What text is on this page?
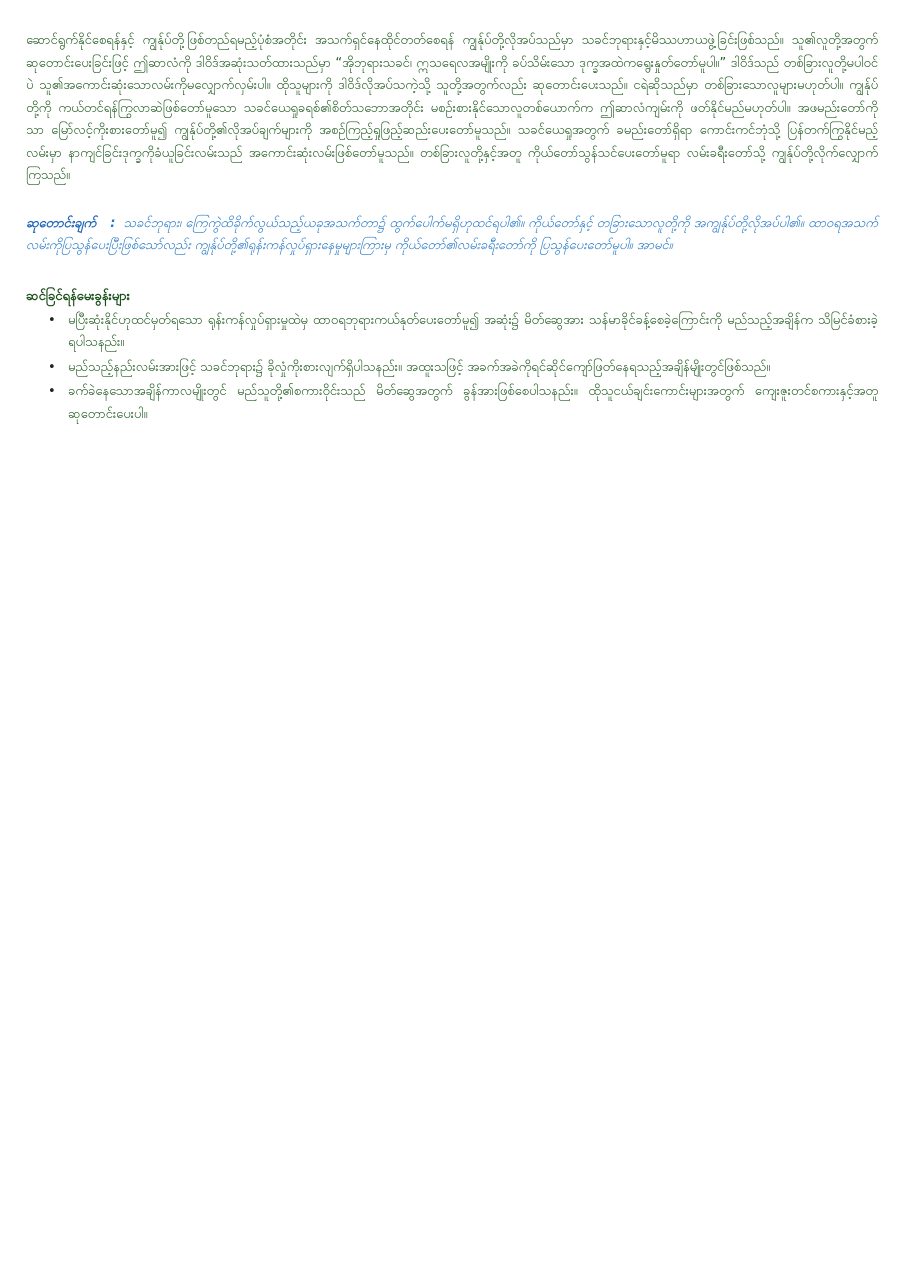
ဆောင်ရွက်နိုင်စေရန်နှင့် ကျွန်ုပ်တို့ဖြစ်တည်ရမည့်ပုံစံအတိုင်း အသက်ရှင်နေထိုင်တတ်စေရန် ကျွန်ုပ်တို့လိုအပ်သည်မှာ သခင်ဘုရားနှင့်မိဿဟာယဖွဲ့ခြင်းဖြစ်သည်။ သူ၏လူတို့အတွက် ဆုတောင်းပေးခြင်းဖြင့် ဤဆာလံကို ဒါဝိဒ်အဆုံးသတ်ထားသည်မှာ “အိုဘုရားသခင်၊ ဣသရေလအမျိုးကို ခပ်သိမ်းသော ဒုက္ခအထဲကရွေးနှုတ်တော်မူပါ။” ဒါဝိဒ်သည် တစ်ခြားလူတို့မပါဝင်ပဲ သူ၏အကောင်းဆုံးသောလမ်းကိုမလျှောက်လှမ်းပါ။ ထိုသူများကို ဒါဝိဒ်လိုအပ်သကဲ့သို့ သူတို့အတွက်လည်း ဆုတောင်းပေးသည်။ ငရဲဆိုသည်မှာ တစ်ခြားသောလူများမဟုတ်ပါ။ ကျွန်ုပ်တို့ကို ကယ်တင်ရန်ကြွလာဆဲဖြစ်တော်မူသော သခင်ယေရှုခရစ်၏စိတ်သဘောအတိုင်း မစဉ်းစားနိုင်သောလူတစ်ယောက်က ဤဆာလံကျမ်းကို ဖတ်နိုင်မည်မဟုတ်ပါ။ အဖမည်းတော်ကိုသာ မြော်လင့်ကိုးစားတော်မူ၍ ကျွန်ုပ်တို့၏လိုအပ်ချက်များကို အစဉ်ကြည့်ရှုဖြည့်ဆည်းပေးတော်မူသည်။ သခင်ယေရှုအတွက် ခမည်းတော်ရှိရာ ကောင်းကင်ဘုံသို့ ပြန်တက်ကြွနိုင်မည့်လမ်းမှာ နာကျင်ခြင်းဒုက္ခကိုခံယူခြင်းလမ်းသည် အကောင်းဆုံးလမ်းဖြစ်တော်မူသည်။ တစ်ခြားလူတို့နှင့်အတူ ကိုယ်တော်သွန်သင်ပေးတော်မူရာ လမ်းခရီးတော်သို့ ကျွန်ုပ်တို့လိုက်လျှောက်ကြသည်။

ဆုတောင်းချက် : သခင်ဘုရား၊ ကြေကွဲထိခိုက်လွယ်သည့်ယခုအသက်တာ၌ ထွက်ပေါက်မရှိဟုထင်ရပါ၏။ ကိုယ်တော်နှင့် တခြားသောလူတို့ကို အကျွန်ုပ်တို့လိုအပ်ပါ၏။ ထာဝရအသက်လမ်းကိုပြသွန်ပေးပြီးဖြစ်သော်လည်း ကျွန်ုပ်တို့၏ရုန်းကန်လှုပ်ရှားနေမှုများကြားမှ ကိုယ်တော်၏လမ်းခရီးတော်ကို ပြသွန်ပေးတော်မူပါ။ အာမင်။

ဆင်ခြင်ရန်မေးခွန်းများ
• မပြီးဆုံးနိုင်ဟုထင်မှတ်ရသော ရုန်းကန်လှုပ်ရှားမှုထဲမှ ထာဝရဘုရားကယ်နုတ်ပေးတော်မူ၍ အဆုံး၌ မိတ်ဆွေအား သန်မာခိုင်ခန့်စေခဲ့ကြောင်းကို မည်သည့်အချိန်က သိမြင်ခံစားခဲ့ရပါသနည်း။
• မည်သည့်နည်းလမ်းအားဖြင့် သခင်ဘုရား၌ ခိုလှုံကိုးစားလျက်ရှိပါသနည်း။ အထူးသဖြင့် အခက်အခဲကိုရင်ဆိုင်ကျော်ဖြတ်နေရသည့်အချိန်မျိုးတွင်ဖြစ်သည်။
• ခက်ခဲနေသောအချိန်ကာလမျိုးတွင် မည်သူတို့၏စကားဝိုင်းသည် မိတ်ဆွေအတွက် ခွန်အားဖြစ်စေပါသနည်း။ ထိုသူငယ်ချင်းကောင်းများအတွက် ကျေးဇူးတင်စကားနှင့်အတူ ဆုတောင်းပေးပါ။
